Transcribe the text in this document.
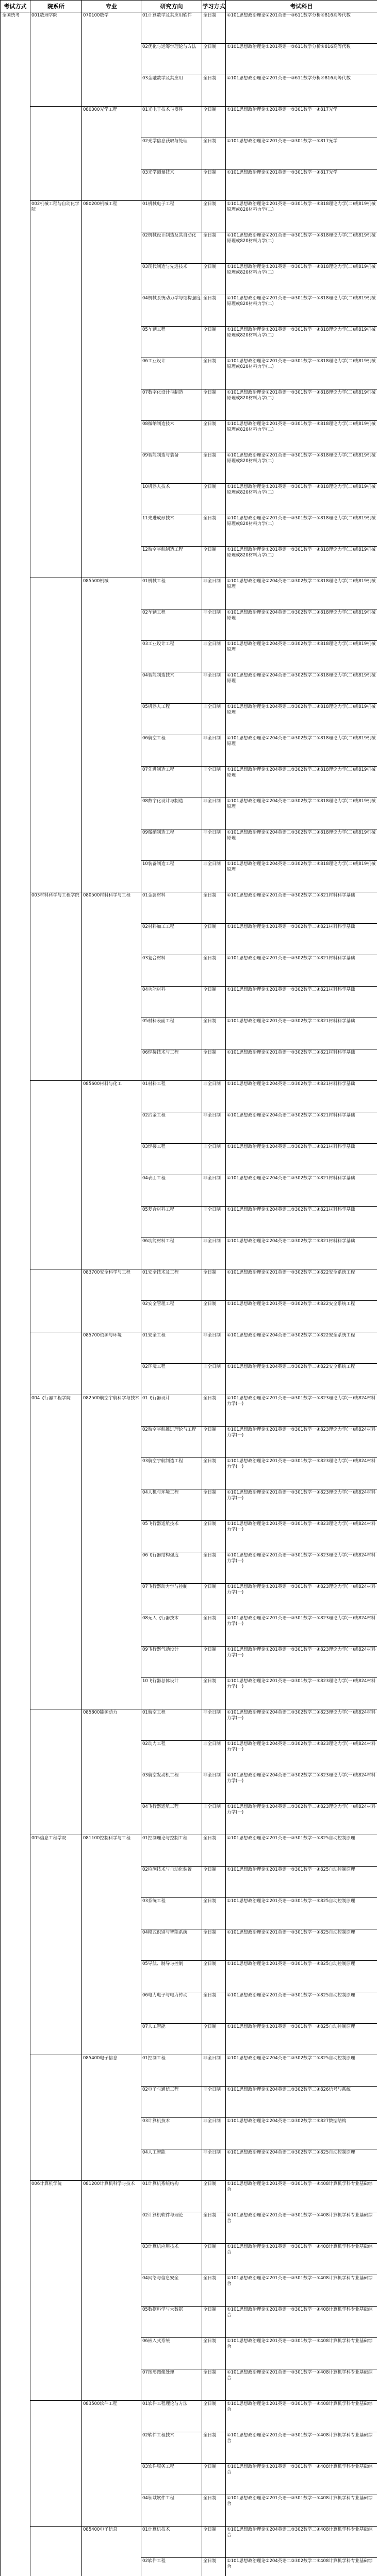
考试方式	院系所	专业	研究方向	学习方式	考试科目

全国统考	001数理学院	070100数学	01计算数学及其应用软件	全日制	①101思想政治理论②201英语一③611数学分析④816高等代数

			02优化与运筹学理论与方法	全日制	①101思想政治理论②201英语一③611数学分析④816高等代数

			03金融数学及其应用	全日制	①101思想政治理论②201英语一③611数学分析④816高等代数

		080300光学工程	01光电子技术与器件	全日制	①101思想政治理论②201英语一③301数学一④817光学

			02光学信息获取与处理	全日制	①101思想政治理论②201英语一③301数学一④817光学

			03光学测量技术	全日制	①101思想政治理论②201英语一③301数学一④817光学

	002机械工程与自动化学院	080200机械工程	01机械电子工程	全日制	①101思想政治理论②201英语一③301数学一④818理论力学(二)或819机械原理或820材料力学(二)

			02机械设计制造及其自动化	全日制	①101思想政治理论②201英语一③301数学一④818理论力学(二)或819机械原理或820材料力学(二)

			03现代制造与先进技术	全日制	①101思想政治理论②201英语一③301数学一④818理论力学(二)或819机械原理或820材料力学(二)

			04机械系统动力学与结构强度	全日制	①101思想政治理论②201英语一③301数学一④818理论力学(二)或819机械原理或820材料力学(二)

			05车辆工程	全日制	①101思想政治理论②201英语一③301数学一④818理论力学(二)或819机械原理或820材料力学(二)

			06工业设计	全日制	①101思想政治理论②201英语一③301数学一④818理论力学(二)或819机械原理或820材料力学(二)

			07数字化设计与制造	全日制	①101思想政治理论②201英语一③301数学一④818理论力学(二)或819机械原理或820材料力学(二)

			08微纳制造技术	全日制	①101思想政治理论②201英语一③301数学一④818理论力学(二)或819机械原理或820材料力学(二)

			09智能制造与装备	全日制	①101思想政治理论②201英语一③301数学一④818理论力学(二)或819机械原理或820材料力学(二)

			10机器人技术	全日制	①101思想政治理论②201英语一③301数学一④818理论力学(二)或819机械原理或820材料力学(二)

			11先进成形技术	全日制	①101思想政治理论②201英语一③301数学一④818理论力学(二)或819机械原理或820材料力学(二)

			12航空宇航制造工程	全日制	①101思想政治理论②201英语一③301数学一④818理论力学(二)或819机械原理或820材料力学(二)

		085500机械	01机械工程	非全日制	①101思想政治理论②204英语二③302数学二④818理论力学(二)或819机械原理

			02车辆工程	非全日制	①101思想政治理论②204英语二③302数学二④818理论力学(二)或819机械原理

			03工业设计工程	非全日制	①101思想政治理论②204英语二③302数学二④818理论力学(二)或819机械原理

			04智能制造技术	非全日制	①101思想政治理论②204英语二③302数学二④818理论力学(二)或819机械原理

			05机器人工程	非全日制	①101思想政治理论②204英语二③302数学二④818理论力学(二)或819机械原理

			06航空工程	非全日制	①101思想政治理论②204英语二③302数学二④818理论力学(二)或819机械原理

			07先进制造工程	非全日制	①101思想政治理论②204英语二③302数学二④818理论力学(二)或819机械原理

			08数字化设计与制造	非全日制	①101思想政治理论②204英语二③302数学二④818理论力学(二)或819机械原理

			09微纳制造工程	非全日制	①101思想政治理论②204英语二③302数学二④818理论力学(二)或819机械原理

			10装备制造工程	非全日制	①101思想政治理论②204英语二③302数学二④818理论力学(二)或819机械原理

	003材料科学与工程学院	080500材料科学与工程	01金属材料	全日制	①101思想政治理论②201英语一③302数学二④821材料科学基础

			02材料加工工程	全日制	①101思想政治理论②201英语一③302数学二④821材料科学基础

			03复合材料	全日制	①101思想政治理论②201英语一③302数学二④821材料科学基础

			04功能材料	全日制	①101思想政治理论②201英语一③302数学二④821材料科学基础

			05材料表面工程	全日制	①101思想政治理论②201英语一③302数学二④821材料科学基础

			06焊接技术与工程	全日制	①101思想政治理论②201英语一③302数学二④821材料科学基础

		085600材料与化工	01材料工程	非全日制	①101思想政治理论②204英语二③302数学二④821材料科学基础

			02冶金工程	非全日制	①101思想政治理论②204英语二③302数学二④821材料科学基础

			03焊接工程	非全日制	①101思想政治理论②204英语二③302数学二④821材料科学基础

			04表面工程	非全日制	①101思想政治理论②204英语二③302数学二④821材料科学基础

			05复合材料工程	非全日制	①101思想政治理论②204英语二③302数学二④821材料科学基础

			06功能材料工程	非全日制	①101思想政治理论②204英语二③302数学二④821材料科学基础

		083700安全科学与工程	01安全技术及工程	全日制	①101思想政治理论②201英语一③302数学二④822安全系统工程

			02安全管理工程	全日制	①101思想政治理论②201英语一③302数学二④822安全系统工程

		085700资源与环境	01安全工程	非全日制	①101思想政治理论②204英语二③302数学二④822安全系统工程

			02环境工程	非全日制	①101思想政治理论②204英语二③302数学二④822安全系统工程

	004飞行器工程学院	082500航空宇航科学与技术	01飞行器设计	全日制	①101思想政治理论②201英语一③301数学一④823理论力学(一)或824材料力学(一)

			02航空宇航推进理论与工程	全日制	①101思想政治理论②201英语一③301数学一④823理论力学(一)或824材料力学(一)

			03航空宇航制造工程	全日制	①101思想政治理论②201英语一③301数学一④823理论力学(一)或824材料力学(一)

			04人机与环境工程	全日制	①101思想政治理论②201英语一③301数学一④823理论力学(一)或824材料力学(一)

			05飞行器适航技术	全日制	①101思想政治理论②201英语一③301数学一④823理论力学(一)或824材料力学(一)

			06飞行器结构强度	全日制	①101思想政治理论②201英语一③301数学一④823理论力学(一)或824材料力学(一)

			07飞行器动力学与控制	全日制	①101思想政治理论②201英语一③301数学一④823理论力学(一)或824材料力学(一)

			08无人飞行器技术	全日制	①101思想政治理论②201英语一③301数学一④823理论力学(一)或824材料力学(一)

			09飞行器气动设计	全日制	①101思想政治理论②201英语一③301数学一④823理论力学(一)或824材料力学(一)

			10飞行器总体设计	全日制	①101思想政治理论②201英语一③301数学一④823理论力学(一)或824材料力学(一)

		085800能源动力	01航空工程	非全日制	①101思想政治理论②204英语二③302数学二④823理论力学(一)或824材料力学(一)

			02动力工程	非全日制	①101思想政治理论②204英语二③302数学二④823理论力学(一)或824材料力学(一)

			03航空发动机工程	非全日制	①101思想政治理论②204英语二③302数学二④823理论力学(一)或824材料力学(一)

			04飞行器适航工程	非全日制	①101思想政治理论②204英语二③302数学二④823理论力学(一)或824材料力学(一)

	005信息工程学院	081100控制科学与工程	01控制理论与控制工程	全日制	①101思想政治理论②201英语一③301数学一④825自动控制原理

			02检测技术与自动化装置	全日制	①101思想政治理论②201英语一③301数学一④825自动控制原理

			03系统工程	全日制	①101思想政治理论②201英语一③301数学一④825自动控制原理

			04模式识别与智能系统	全日制	①101思想政治理论②201英语一③301数学一④825自动控制原理

			05导航、制导与控制	全日制	①101思想政治理论②201英语一③301数学一④825自动控制原理

			06电力电子与电力传动	全日制	①101思想政治理论②201英语一③301数学一④825自动控制原理

			07人工智能	全日制	①101思想政治理论②201英语一③301数学一④825自动控制原理

		085400电子信息	01控制工程	非全日制	①101思想政治理论②204英语二③302数学二④825自动控制原理

			02电子与通信工程	非全日制	①101思想政治理论②204英语二③302数学二④826信号与系统

			03计算机技术	非全日制	①101思想政治理论②204英语二③302数学二④827数据结构

			04人工智能	非全日制	①101思想政治理论②204英语二③302数学二④825自动控制原理

	006计算机学院	081200计算机科学与技术	01计算机系统结构	全日制	①101思想政治理论②201英语一③301数学一④408计算机学科专业基础综合

			02计算机软件与理论	全日制	①101思想政治理论②201英语一③301数学一④408计算机学科专业基础综合

			03计算机应用技术	全日制	①101思想政治理论②201英语一③301数学一④408计算机学科专业基础综合

			04网络与信息安全	全日制	①101思想政治理论②201英语一③301数学一④408计算机学科专业基础综合

			05数据科学与大数据	全日制	①101思想政治理论②201英语一③301数学一④408计算机学科专业基础综合

			06嵌入式系统	全日制	①101思想政治理论②201英语一③301数学一④408计算机学科专业基础综合

			07图形图像处理	全日制	①101思想政治理论②201英语一③301数学一④408计算机学科专业基础综合

		083500软件工程	01软件工程理论与方法	全日制	①101思想政治理论②201英语一③301数学一④408计算机学科专业基础综合

			02软件工程技术	全日制	①101思想政治理论②201英语一③301数学一④408计算机学科专业基础综合

			03软件服务工程	全日制	①101思想政治理论②201英语一③301数学一④408计算机学科专业基础综合

			04领域软件工程	全日制	①101思想政治理论②201英语一③301数学一④408计算机学科专业基础综合

		085400电子信息	01计算机技术	全日制	①101思想政治理论②204英语二③302数学二④408计算机学科专业基础综合

			02软件工程	全日制	①101思想政治理论②204英语二③302数学二④408计算机学科专业基础综合
